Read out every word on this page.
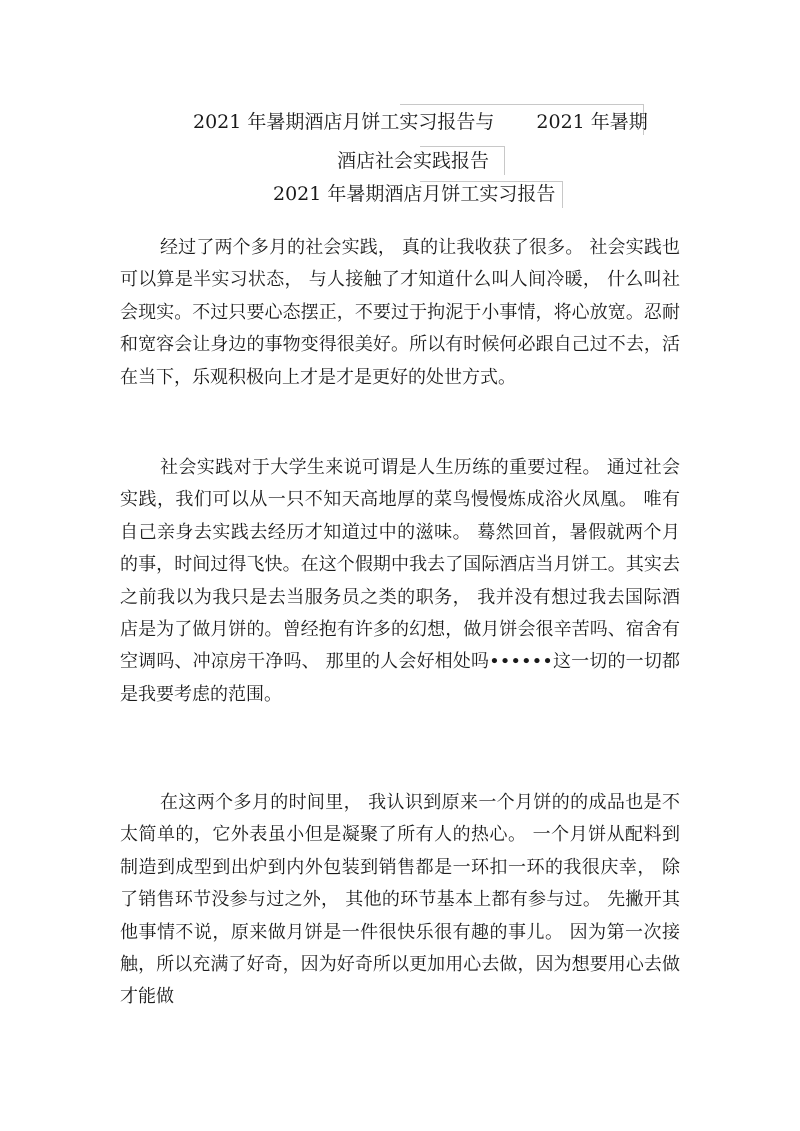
2021 年暑期酒店月饼工实习报告与 2021 年暑期
酒店社会实践报告
2021 年暑期酒店月饼工实习报告

经过了两个多月的社会实践， 真的让我收获了很多。 社会实践也可以算是半实习状态， 与人接触了才知道什么叫人间冷暖， 什么叫社会现实。不过只要心态摆正，不要过于拘泥于小事情，将心放宽。忍耐和宽容会让身边的事物变得很美好。所以有时候何必跟自己过不去，活在当下，乐观积极向上才是才是更好的处世方式。

社会实践对于大学生来说可谓是人生历练的重要过程。 通过社会实践，我们可以从一只不知天高地厚的菜鸟慢慢炼成浴火凤凰。 唯有自己亲身去实践去经历才知道过中的滋味。 蓦然回首，暑假就两个月的事，时间过得飞快。在这个假期中我去了国际酒店当月饼工。其实去之前我以为我只是去当服务员之类的职务， 我并没有想过我去国际酒店是为了做月饼的。曾经抱有许多的幻想，做月饼会很辛苦吗、宿舍有空调吗、冲凉房干净吗、 那里的人会好相处吗••••••这一切的一切都是我要考虑的范围。

在这两个多月的时间里， 我认识到原来一个月饼的的成品也是不太简单的，它外表虽小但是凝聚了所有人的热心。 一个月饼从配料到制造到成型到出炉到内外包装到销售都是一环扣一环的我很庆幸， 除了销售环节没参与过之外， 其他的环节基本上都有参与过。 先撇开其他事情不说，原来做月饼是一件很快乐很有趣的事儿。 因为第一次接触，所以充满了好奇，因为好奇所以更加用心去做，因为想要用心去做才能做
